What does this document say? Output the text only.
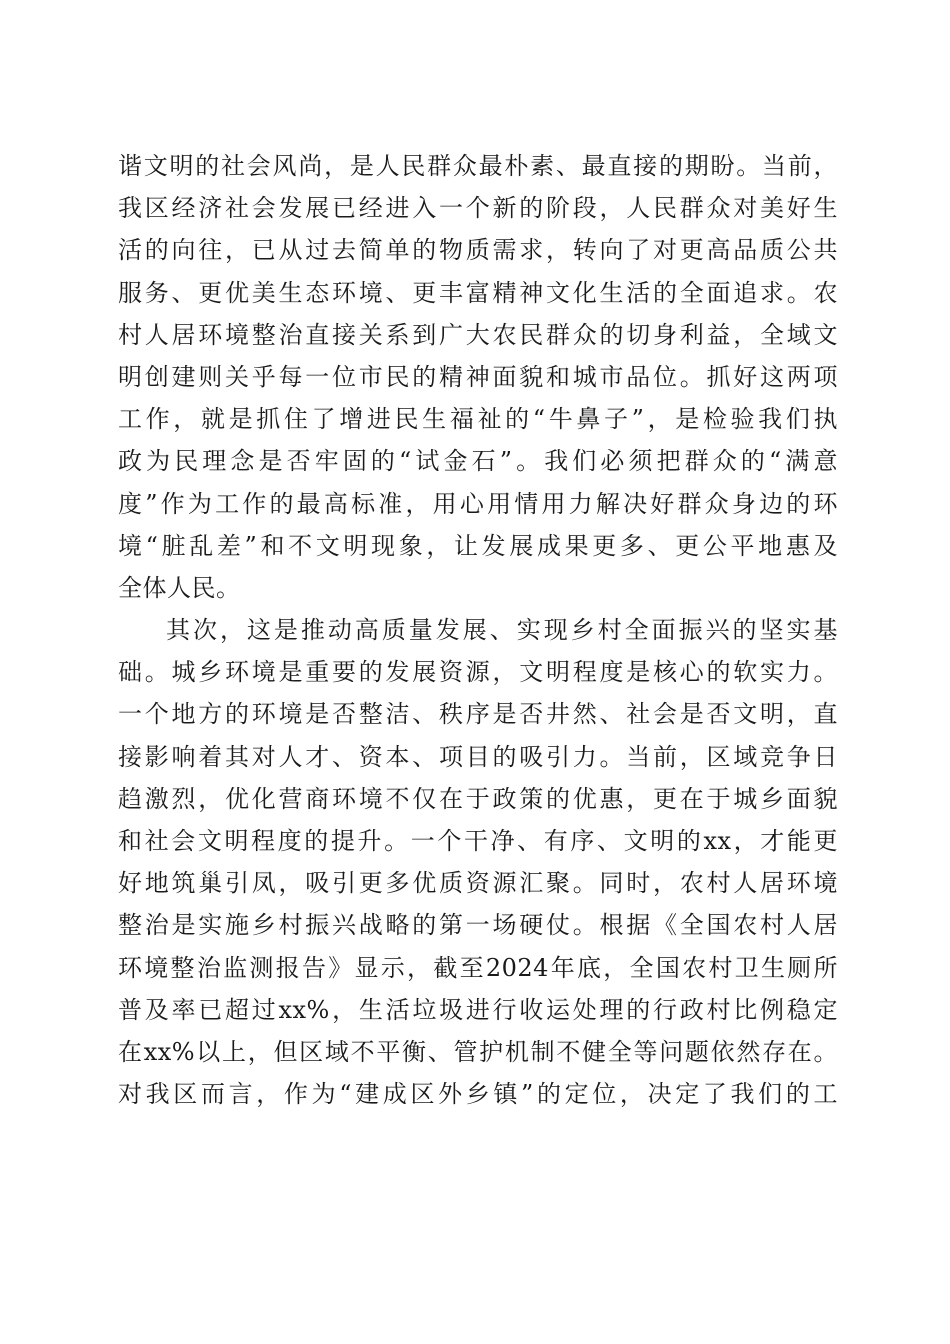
谐文明的社会风尚，是人民群众最朴素、最直接的期盼。当前，
我区经济社会发展已经进入一个新的阶段，人民群众对美好生
活的向往，已从过去简单的物质需求，转向了对更高品质公共
服务、更优美生态环境、更丰富精神文化生活的全面追求。农
村人居环境整治直接关系到广大农民群众的切身利益，全域文
明创建则关乎每一位市民的精神面貌和城市品位。抓好这两项
工作，就是抓住了增进民生福祉的“牛鼻子”，是检验我们执
政为民理念是否牢固的“试金石”。我们必须把群众的“满意
度”作为工作的最高标准，用心用情用力解决好群众身边的环
境“脏乱差”和不文明现象，让发展成果更多、更公平地惠及
全体人民。
其次，这是推动高质量发展、实现乡村全面振兴的坚实基
础。城乡环境是重要的发展资源，文明程度是核心的软实力。
一个地方的环境是否整洁、秩序是否井然、社会是否文明，直
接影响着其对人才、资本、项目的吸引力。当前，区域竞争日
趋激烈，优化营商环境不仅在于政策的优惠，更在于城乡面貌
和社会文明程度的提升。一个干净、有序、文明的xx，才能更
好地筑巢引凤，吸引更多优质资源汇聚。同时，农村人居环境
整治是实施乡村振兴战略的第一场硬仗。根据《全国农村人居
环境整治监测报告》显示，截至2024年底，全国农村卫生厕所
普及率已超过xx%，生活垃圾进行收运处理的行政村比例稳定
在xx%以上，但区域不平衡、管护机制不健全等问题依然存在。
对我区而言，作为“建成区外乡镇”的定位，决定了我们的工
